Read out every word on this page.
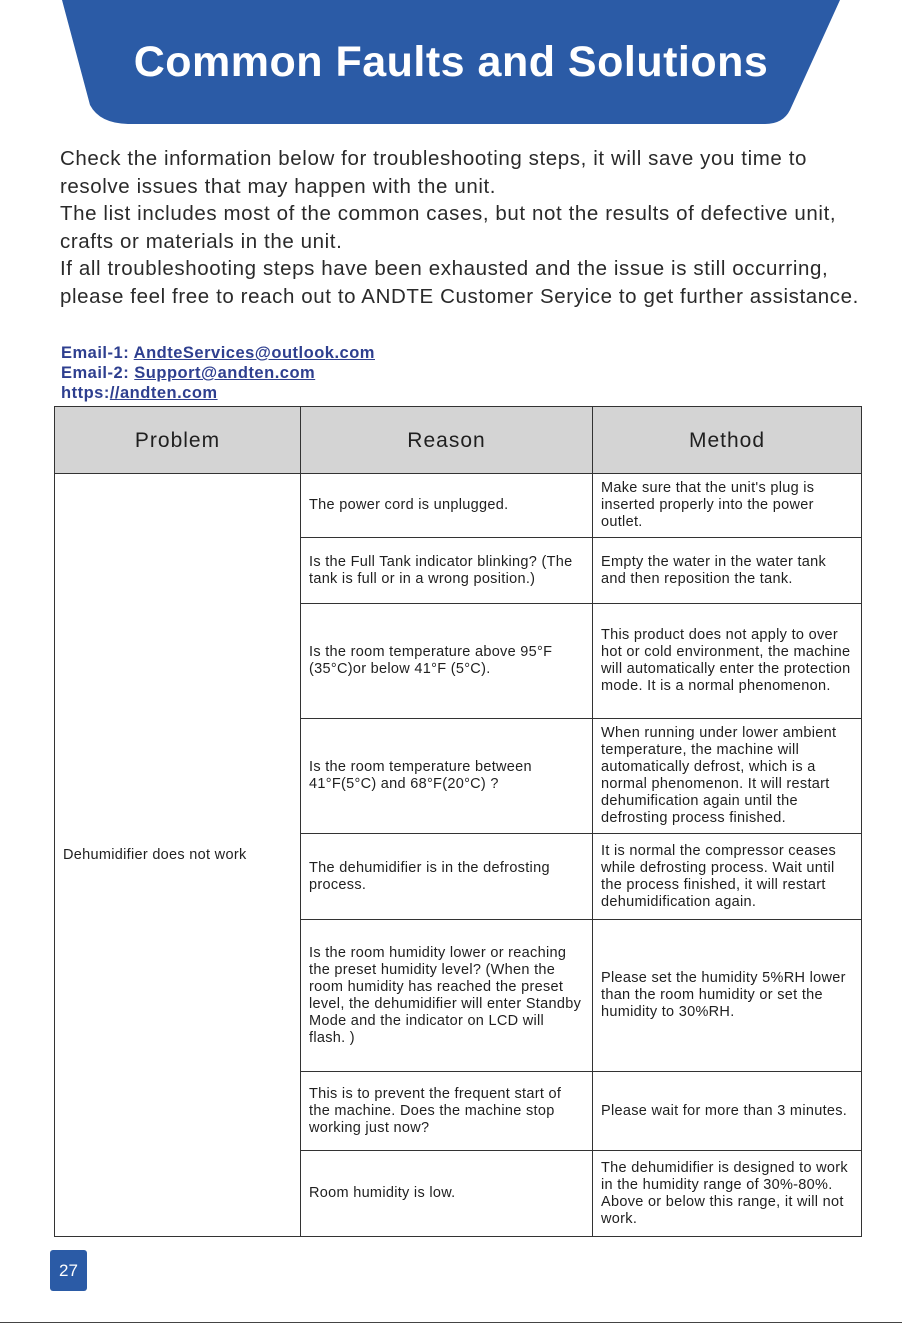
Common Faults and Solutions

Check the information below for troubleshooting steps, it will save you time to resolve issues that may happen with the unit.

The list includes most of the common cases, but not the results of defective unit, crafts or materials in the unit.

If all troubleshooting steps have been exhausted and the issue is still occurring, please feel free to reach out to ANDTE Customer Seryice to get further assistance.

Email-1: AndteServices@outlook.com
Email-2: Support@andten.com
https://andten.com
Problem	Reason	Method
Dehumidifier does not work	The power cord is unplugged.	Make sure that the unit's plug is inserted properly into the power outlet.
	Is the Full Tank indicator blinking? (The tank is full or in a wrong position.)	Empty the water in the water tank and then reposition the tank.
	Is the room temperature above 95°F (35°C)or below 41°F (5°C).	This product does not apply to over hot or cold environment, the machine will automatically enter the protection mode. It is a normal phenomenon.
	Is the room temperature between 41°F(5°C) and 68°F(20°C) ?	When running under lower ambient temperature, the machine will automatically defrost, which is a normal phenomenon. It will restart dehumification again until the defrosting process finished.
	The dehumidifier is in the defrosting process.	It is normal the compressor ceases while defrosting process. Wait until the process finished, it will restart dehumidification again.
	Is the room humidity lower or reaching the preset humidity level? (When the room humidity has reached the preset level, the dehumidifier will enter Standby Mode and the indicator on LCD will flash. )	Please set the humidity 5%RH lower than the room humidity or set the humidity to 30%RH.
	This is to prevent the frequent start of the machine. Does the machine stop working just now?	Please wait for more than 3 minutes.
	Room humidity is low.	The dehumidifier is designed to work in the humidity range of 30%-80%. Above or below this range, it will not work.
27
